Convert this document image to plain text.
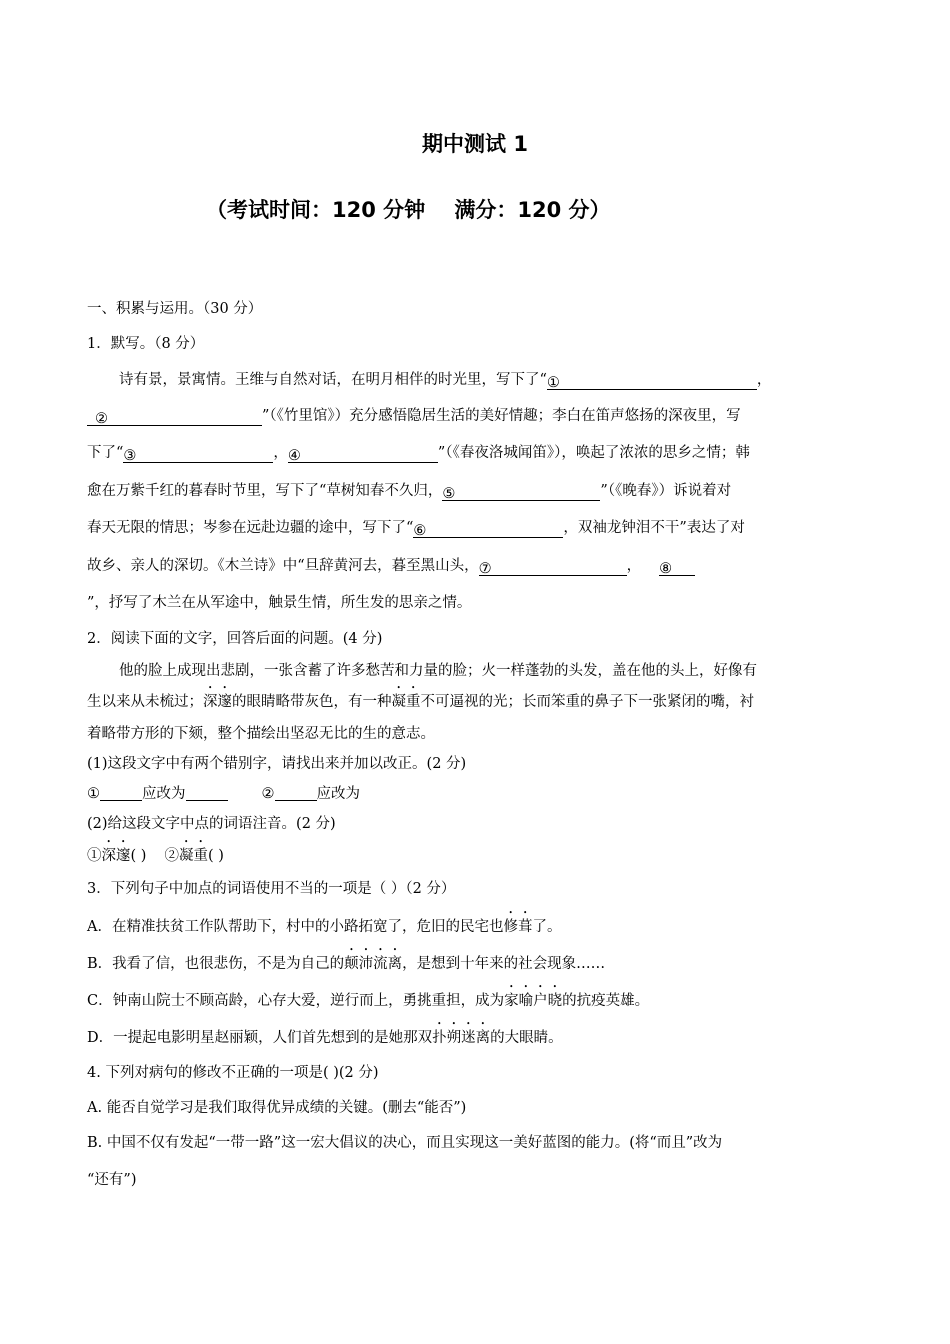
期中测试 1
（考试时间：120 分钟    满分：120 分）
一、积累与运用。（30 分）
1．默写。（8 分）
诗有景，景寓情。王维与自然对话，在明月相伴的时光里，写下了“①	，
②	”（《竹里馆》）充分感悟隐居生活的美好情趣；李白在笛声悠扬的深夜里，写
下了“③	，④	”（《春夜洛城闻笛》），唤起了浓浓的思乡之情；韩
愈在万紫千红的暮春时节里，写下了“草树知春不久归，⑤	”（《晚春》）诉说着对
春天无限的情思；岑参在远赴边疆的途中，写下了“⑥	，双袖龙钟泪不干”表达了对
故乡、亲人的深切。《木兰诗》中“旦辞黄河去，暮至黑山头，⑦	， ⑧
”，抒写了木兰在从军途中，触景生情，所生发的思亲之情。
2．阅读下面的文字，回答后面的问题。(4 分)
他的脸上成现出悲剧，一张含蓄了许多愁苦和力量的脸；火一样蓬勃的头发，盖在他的头上，好像有
生以来从未梳过；深邃的眼睛略带灰色，有一种凝重不可逼视的光；长而笨重的鼻子下一张紧闭的嘴，衬
着略带方形的下颏，整个描绘出坚忍无比的生的意志。
(1)这段文字中有两个错别字，请找出来并加以改正。(2 分)
①	应改为	②	应改为
(2)给这段文字中点的词语注音。(2 分)
①深邃( ) ②凝重( )
3．下列句子中加点的词语使用不当的一项是（ ）（2 分）
A．在精准扶贫工作队帮助下，村中的小路拓宽了，危旧的民宅也修葺了。
B．我看了信，也很悲伤，不是为自己的颠沛流离，是想到十年来的社会现象……
C．钟南山院士不顾高龄，心存大爱，逆行而上，勇挑重担，成为家喻户晓的抗疫英雄。
D．一提起电影明星赵丽颖，人们首先想到的是她那双扑朔迷离的大眼睛。
4. 下列对病句的修改不正确的一项是( )(2 分)
A. 能否自觉学习是我们取得优异成绩的关键。(删去“能否”)
B. 中国不仅有发起“一带一路”这一宏大倡议的决心，而且实现这一美好蓝图的能力。(将“而且”改为
“还有”)
